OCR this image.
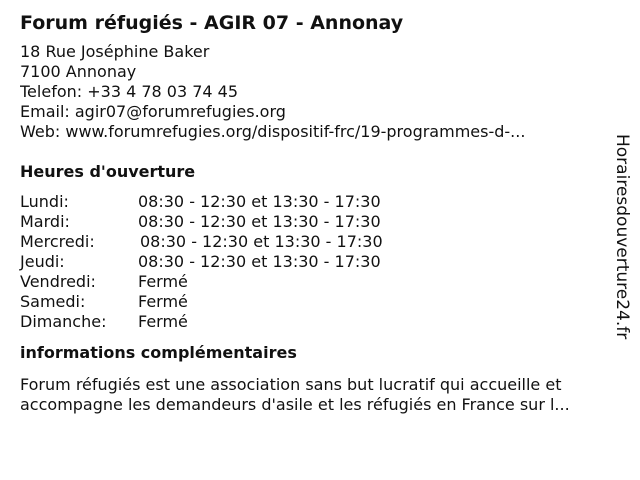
Forum réfugiés - AGIR 07 - Annonay
18 Rue Joséphine Baker
7100 Annonay
Telefon: +33 4 78 03 74 45
Email: agir07@forumrefugies.org
Web: www.forumrefugies.org/dispositif-frc/19-programmes-d-...
Heures d'ouverture
Lundi:	08:30 - 12:30 et 13:30 - 17:30
Mardi:	08:30 - 12:30 et 13:30 - 17:30
Mercredi:	08:30 - 12:30 et 13:30 - 17:30
Jeudi:	08:30 - 12:30 et 13:30 - 17:30
Vendredi:	Fermé
Samedi:	Fermé
Dimanche: Fermé
informations complémentaires
Forum réfugiés est une association sans but lucratif qui accueille et
accompagne les demandeurs d'asile et les réfugiés en France sur l...
Horairesdouverture24.fr
